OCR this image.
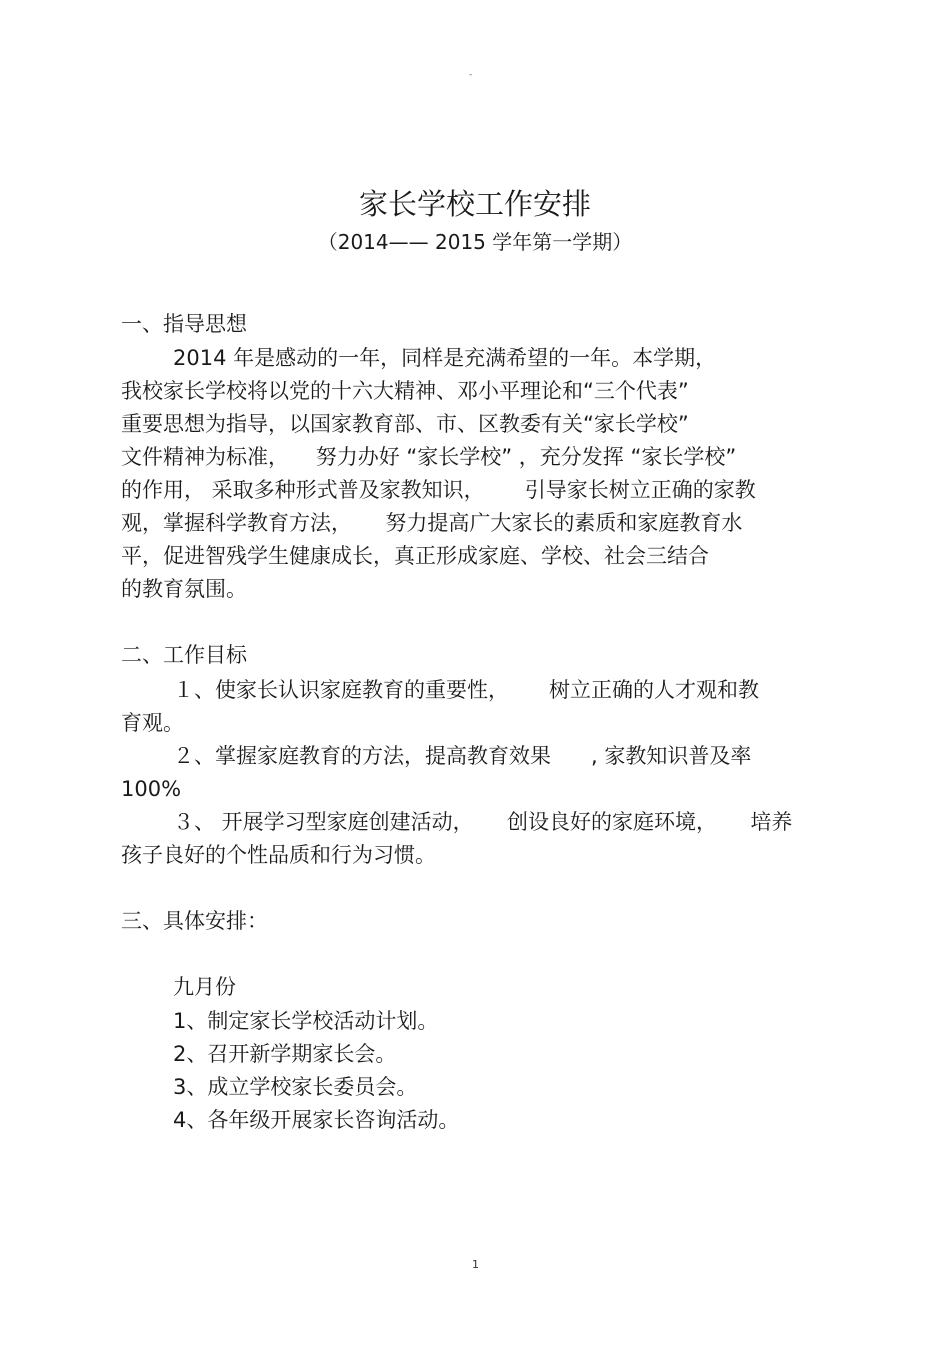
-
家长学校工作安排
（2014—— 2015 学年第一学期）

一、指导思想

2014 年是感动的一年，同样是充满希望的一年。本学期，

我校家长学校将以党的十六大精神、邓小平理论和“三个代表”

重要思想为指导，以国家教育部、市、区教委有关“家长学校”

文件精神为标准，    努力办好 “家长学校” ，充分发挥 “家长学校”

的作用， 采取多种形式普及家教知识，      引导家长树立正确的家教

观，掌握科学教育方法，     努力提高广大家长的素质和家庭教育水

平，促进智残学生健康成长，真正形成家庭、学校、社会三结合

的教育氛围。

二、工作目标

１、使家长认识家庭教育的重要性，      树立正确的人才观和教

育观。

２、掌握家庭教育的方法，提高教育效果      , 家教知识普及率

100%

３、 开展学习型家庭创建活动，     创设良好的家庭环境，     培养

孩子良好的个性品质和行为习惯。

三、具体安排：

九月份

1、制定家长学校活动计划。

2、召开新学期家长会。

3、成立学校家长委员会。

4、各年级开展家长咨询活动。

1
